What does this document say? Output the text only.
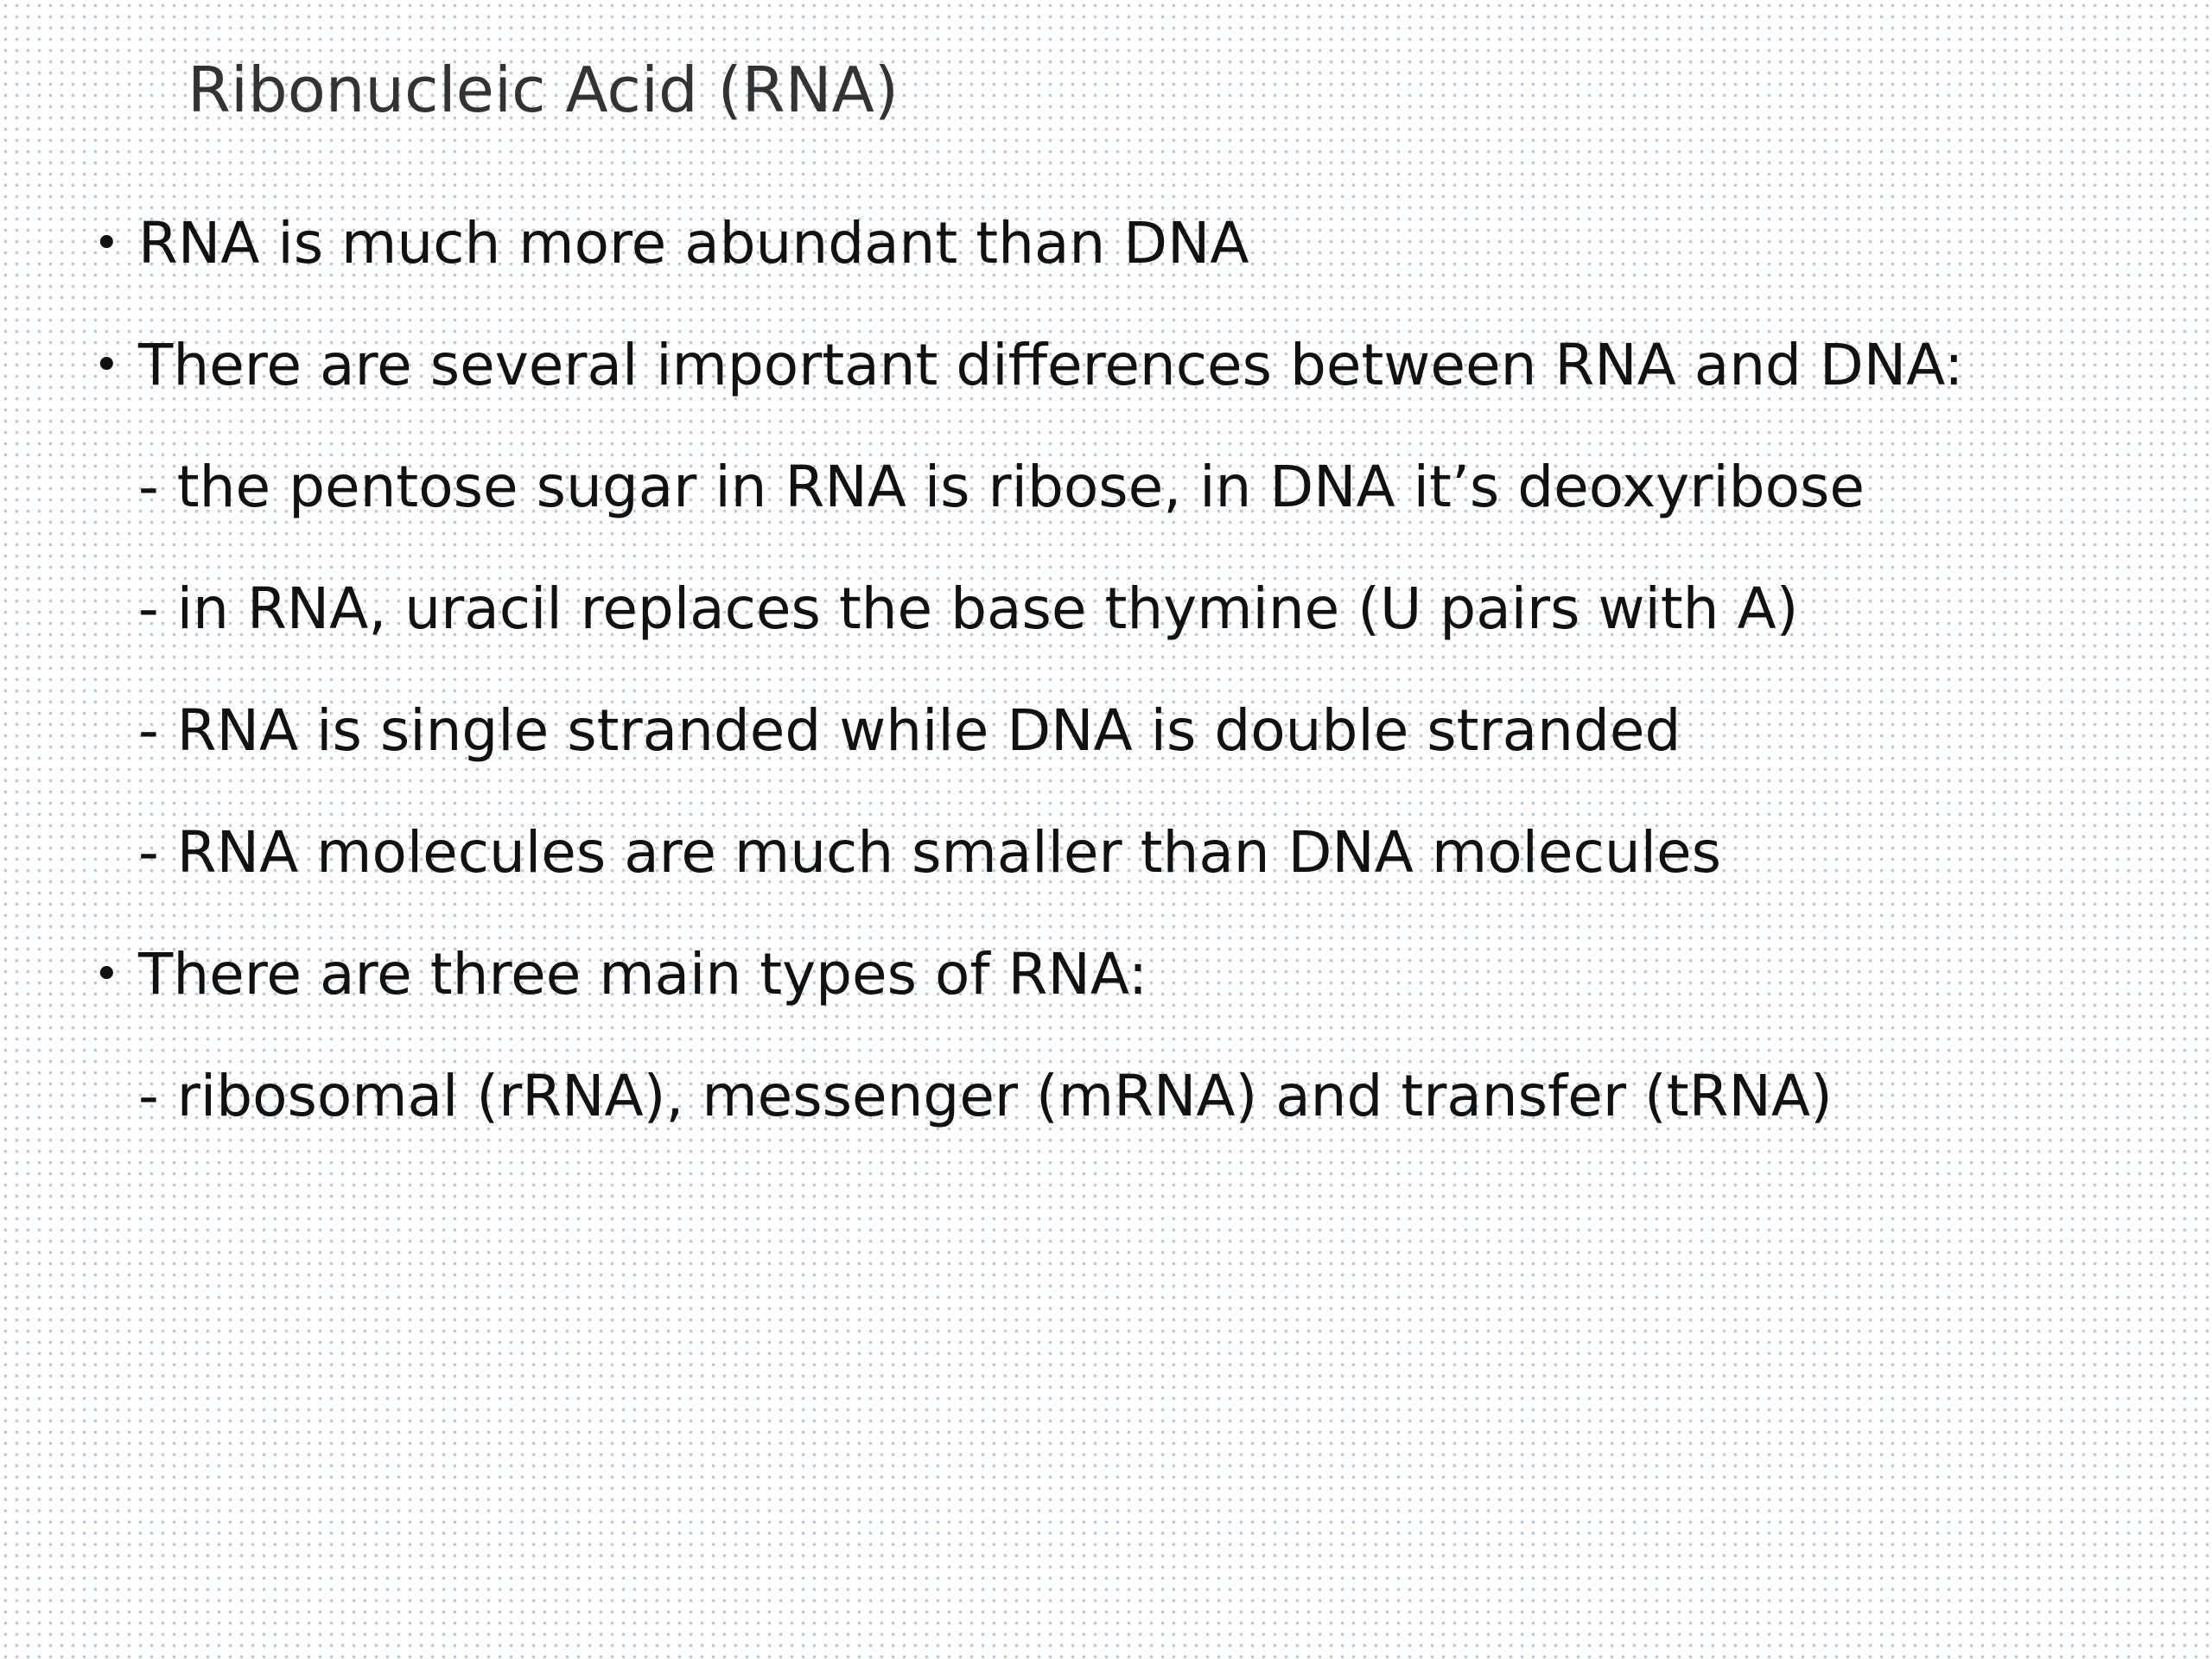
Ribonucleic Acid (RNA)
• RNA is much more abundant than DNA
• There are several important differences between RNA and DNA:
- the pentose sugar in RNA is ribose, in DNA it’s deoxyribose
- in RNA, uracil replaces the base thymine (U pairs with A)
- RNA is single stranded while DNA is double stranded
- RNA molecules are much smaller than DNA molecules
• There are three main types of RNA:
- ribosomal (rRNA), messenger (mRNA) and transfer (tRNA)
